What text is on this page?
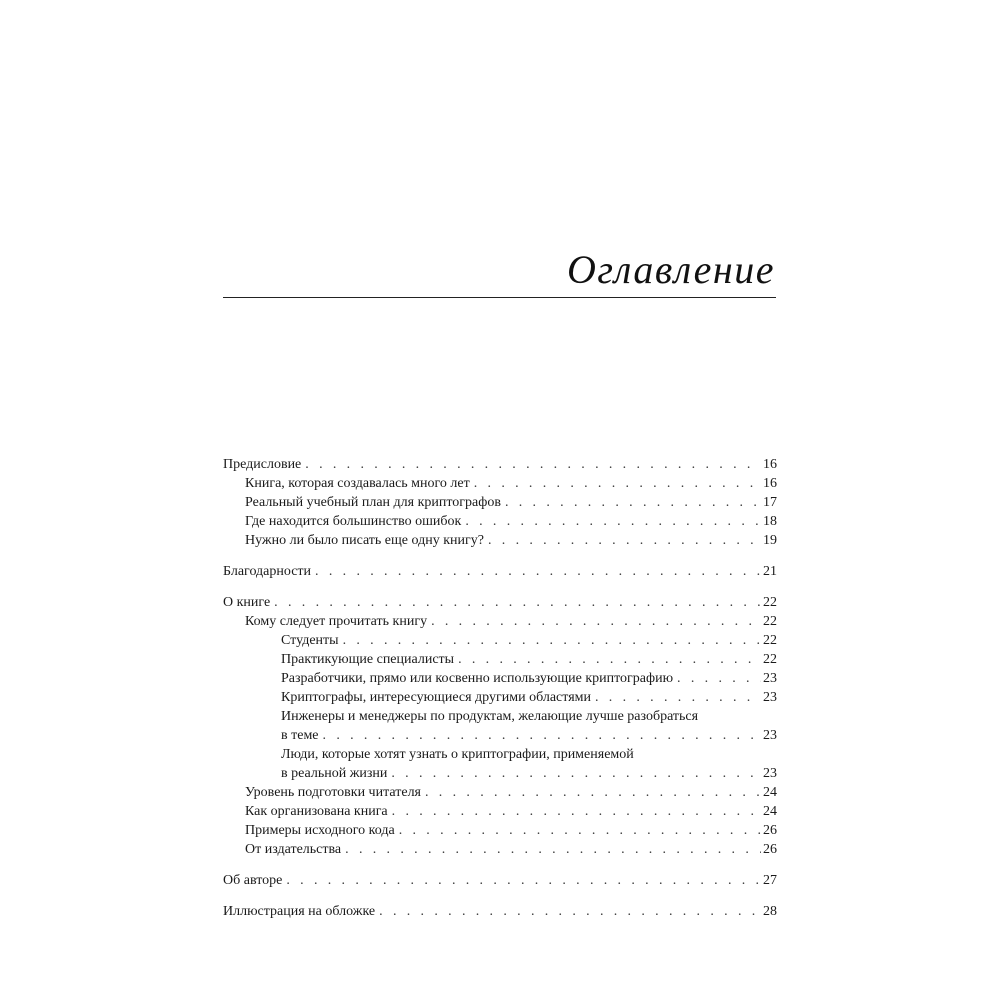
Оглавление
Предисловие . . .	16
Книга, которая создавалась много лет . . .	16
Реальный учебный план для криптографов . . .	17
Где находится большинство ошибок . . .	18
Нужно ли было писать еще одну книгу? . . .	19
Благодарности . . .	21
О книге . . .	22
Кому следует прочитать книгу . . .	22
Студенты . . .	22
Практикующие специалисты . . .	22
Разработчики, прямо или косвенно использующие криптографию . . .	23
Криптографы, интересующиеся другими областями . . .	23
Инженеры и менеджеры по продуктам, желающие лучше разобраться
в теме . . .	23
Люди, которые хотят узнать о криптографии, применяемой
в реальной жизни . . .	23
Уровень подготовки читателя . . .	24
Как организована книга . . .	24
Примеры исходного кода . . .	26
От издательства . . .	26
Об авторе . . .	27
Иллюстрация на обложке . . .	28
